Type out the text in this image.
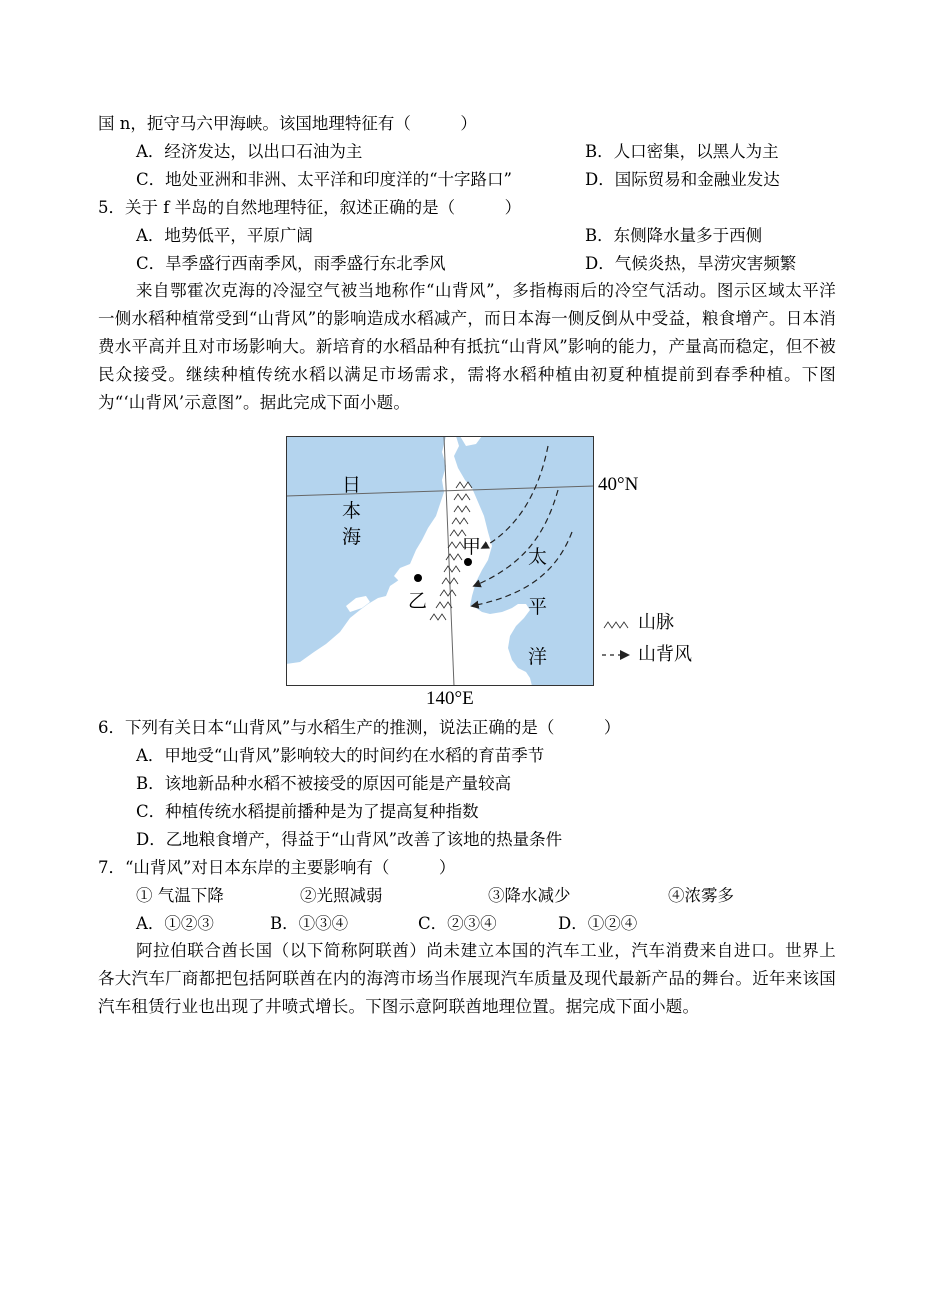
国 n，扼守马六甲海峡。该国地理特征有（　　　）
A．经济发达，以出口石油为主	B．人口密集，以黑人为主
C．地处亚洲和非洲、太平洋和印度洋的“十字路口”	D．国际贸易和金融业发达
5．关于 f 半岛的自然地理特征，叙述正确的是（　　　）
A．地势低平，平原广阔	B．东侧降水量多于西侧
C．旱季盛行西南季风，雨季盛行东北季风	D．气候炎热，旱涝灾害频繁
来自鄂霍次克海的冷湿空气被当地称作“山背风”，多指梅雨后的冷空气活动。图示区域太平洋一侧水稻种植常受到“山背风”的影响造成水稻减产，而日本海一侧反倒从中受益，粮食增产。日本消费水平高并且对市场影响大。新培育的水稻品种有抵抗“山背风”影响的能力，产量高而稳定，但不被民众接受。继续种植传统水稻以满足市场需求，需将水稻种植由初夏种植提前到春季种植。下图为“‘山背风’示意图”。据此完成下面小题。
日
本
海
太
平
洋
甲
乙
40°N
140°E
山脉
山背风
6．下列有关日本“山背风”与水稻生产的推测，说法正确的是（　　　）
A．甲地受“山背风”影响较大的时间约在水稻的育苗季节
B．该地新品种水稻不被接受的原因可能是产量较高
C．种植传统水稻提前播种是为了提高复种指数
D．乙地粮食增产，得益于“山背风”改善了该地的热量条件
7．“山背风”对日本东岸的主要影响有（　　　）
① 气温下降	②光照减弱	③降水减少	④浓雾多
A．①②③	B．①③④	C．②③④	D．①②④
阿拉伯联合酋长国（以下简称阿联酋）尚未建立本国的汽车工业，汽车消费来自进口。世界上各大汽车厂商都把包括阿联酋在内的海湾市场当作展现汽车质量及现代最新产品的舞台。近年来该国汽车租赁行业也出现了井喷式增长。下图示意阿联酋地理位置。据完成下面小题。
